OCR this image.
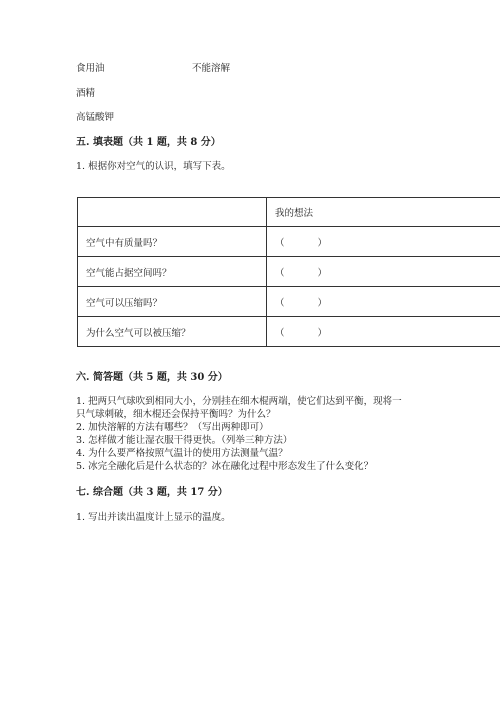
食用油	不能溶解
酒精
高锰酸钾
五. 填表题（共 1 题，共 8 分）
1. 根据你对空气的认识，填写下表。
	我的想法
空气中有质量吗？	（ ）
空气能占据空间吗？	（ ）
空气可以压缩吗？	（ ）
为什么空气可以被压缩？	（ ）
六. 简答题（共 5 题，共 30 分）
1. 把两只气球吹到相同大小，分别挂在细木棍两端，使它们达到平衡，现将一
只气球刺破，细木棍还会保持平衡吗？为什么？
2. 加快溶解的方法有哪些？（写出两种即可）
3. 怎样做才能让湿衣服干得更快。（列举三种方法）
4. 为什么要严格按照气温计的使用方法测量气温？
5. 冰完全融化后是什么状态的？冰在融化过程中形态发生了什么变化？
七. 综合题（共 3 题，共 17 分）
1. 写出并读出温度计上显示的温度。
